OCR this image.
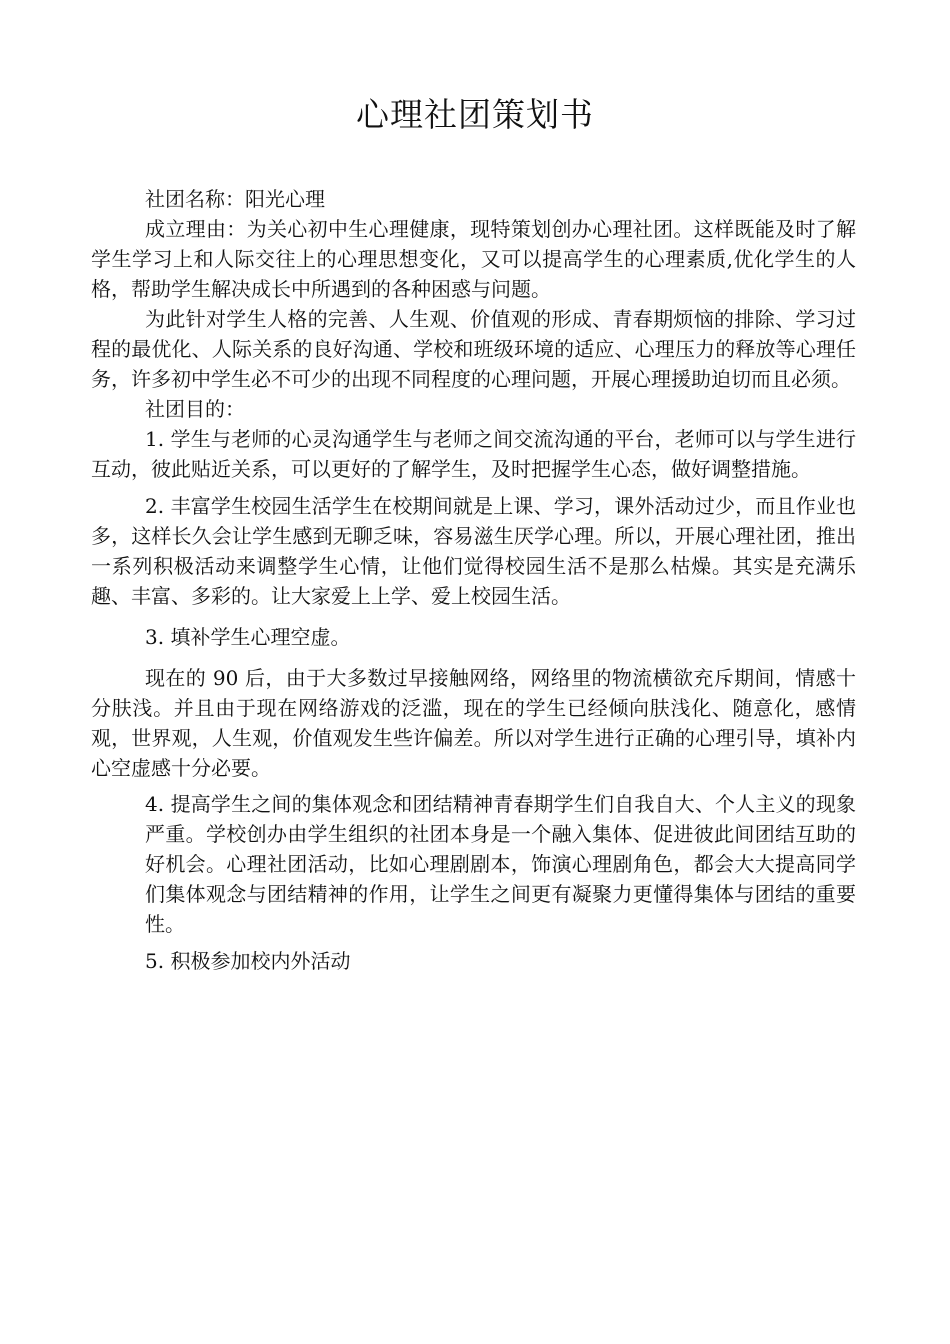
心理社团策划书

社团名称：阳光心理

成立理由：为关心初中生心理健康，现特策划创办心理社团。这样既能及时了解学生学习上和人际交往上的心理思想变化，又可以提高学生的心理素质,优化学生的人格，帮助学生解决成长中所遇到的各种困惑与问题。

为此针对学生人格的完善、人生观、价值观的形成、青春期烦恼的排除、学习过程的最优化、人际关系的良好沟通、学校和班级环境的适应、心理压力的释放等心理任务，许多初中学生必不可少的出现不同程度的心理问题，开展心理援助迫切而且必须。

社团目的：

1. 学生与老师的心灵沟通学生与老师之间交流沟通的平台，老师可以与学生进行互动，彼此贴近关系，可以更好的了解学生，及时把握学生心态，做好调整措施。

2. 丰富学生校园生活学生在校期间就是上课、学习，课外活动过少，而且作业也多，这样长久会让学生感到无聊乏味，容易滋生厌学心理。所以，开展心理社团，推出一系列积极活动来调整学生心情，让他们觉得校园生活不是那么枯燥。其实是充满乐趣、丰富、多彩的。让大家爱上上学、爱上校园生活。

3. 填补学生心理空虚。

现在的 90 后，由于大多数过早接触网络，网络里的物流横欲充斥期间，情感十分肤浅。并且由于现在网络游戏的泛滥，现在的学生已经倾向肤浅化、随意化，感情观，世界观，人生观，价值观发生些许偏差。所以对学生进行正确的心理引导，填补内心空虚感十分必要。

4. 提高学生之间的集体观念和团结精神青春期学生们自我自大、个人主义的现象严重。学校创办由学生组织的社团本身是一个融入集体、促进彼此间团结互助的好机会。心理社团活动，比如心理剧剧本，饰演心理剧角色，都会大大提高同学们集体观念与团结精神的作用，让学生之间更有凝聚力更懂得集体与团结的重要性。

5. 积极参加校内外活动
